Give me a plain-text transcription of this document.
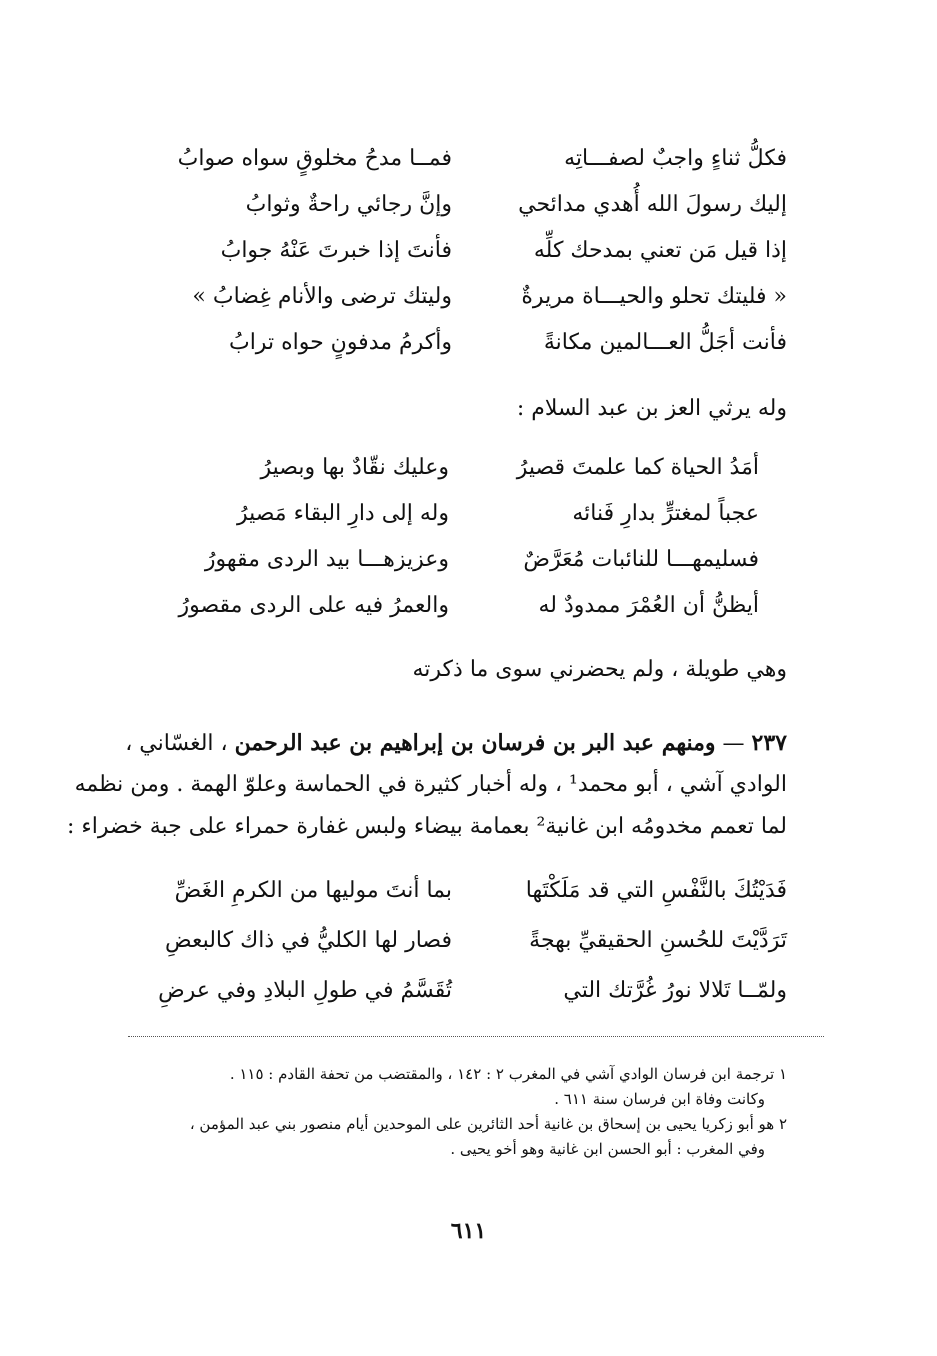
فكلُّ ثناءٍ واجبٌ لصفـــاتِه
فمــا مدحُ مخلوقٍ سواه صوابُ
إليك رسولَ الله أُهدي مدائحي
وإنَّ رجائي راحةٌ وثوابُ
إذا قيل مَن تعني بمدحك كلِّه
فأنتَ إذا خبرتَ عَنْهُ جوابُ
« فليتك تحلو والحيـــاة مريرةٌ
وليتك ترضى والأنام غِضابُ »
فأنت أجَلُّ العـــالمين مكانةً
وأكرمُ مدفونٍ حواه ترابُ
وله يرثي العز بن عبد السلام :
أمَدُ الحياة كما علمتَ قصيرُ
وعليك نقّادٌ بها وبصيرُ
عجباً لمغترٍّ بدارِ فَنائه
وله إلى دارِ البقاء مَصيرُ
فسليمهـــا للنائبات مُعَرَّضٌ
وعزيزهـــا بيد الردى مقهورُ
أيظنُّ أن العُمْرَ ممدودٌ له
والعمرُ فيه على الردى مقصورُ
وهي طويلة ، ولم يحضرني سوى ما ذكرته
٢٣٧ — ومنهم عبد البر بن فرسان بن إبراهيم بن عبد الرحمن ، الغسّاني ،
الوادي آشي ، أبو محمد¹ ، وله أخبار كثيرة في الحماسة وعلوّ الهمة . ومن نظمه
لما تعمم مخدومُه ابن غانية² بعمامة بيضاء ولبس غفارة حمراء على جبة خضراء :
فَدَيْتُكَ بالنَّفْسِ التي قد مَلَكْتَها
بما أنتَ موليها من الكرمِ الغَضِّ
تَرَدَّيْتَ للحُسنِ الحقيقيِّ بهجةً
فصار لها الكليُّ في ذاك كالبعضِ
ولمّــا تَلالا نورُ غُرَّتك التي
تُقَسَّمُ في طولِ البلادِ وفي عرضِ
١ ترجمة ابن فرسان الوادي آشي في المغرب ٢ : ١٤٢ ، والمقتضب من تحفة القادم : ١١٥ .
وكانت وفاة ابن فرسان سنة ٦١١ .
٢ هو أبو زكريا يحيى بن إسحاق بن غانية أحد الثائرين على الموحدين أيام منصور بني عبد المؤمن ،
وفي المغرب : أبو الحسن ابن غانية وهو أخو يحيى .
٦١١
